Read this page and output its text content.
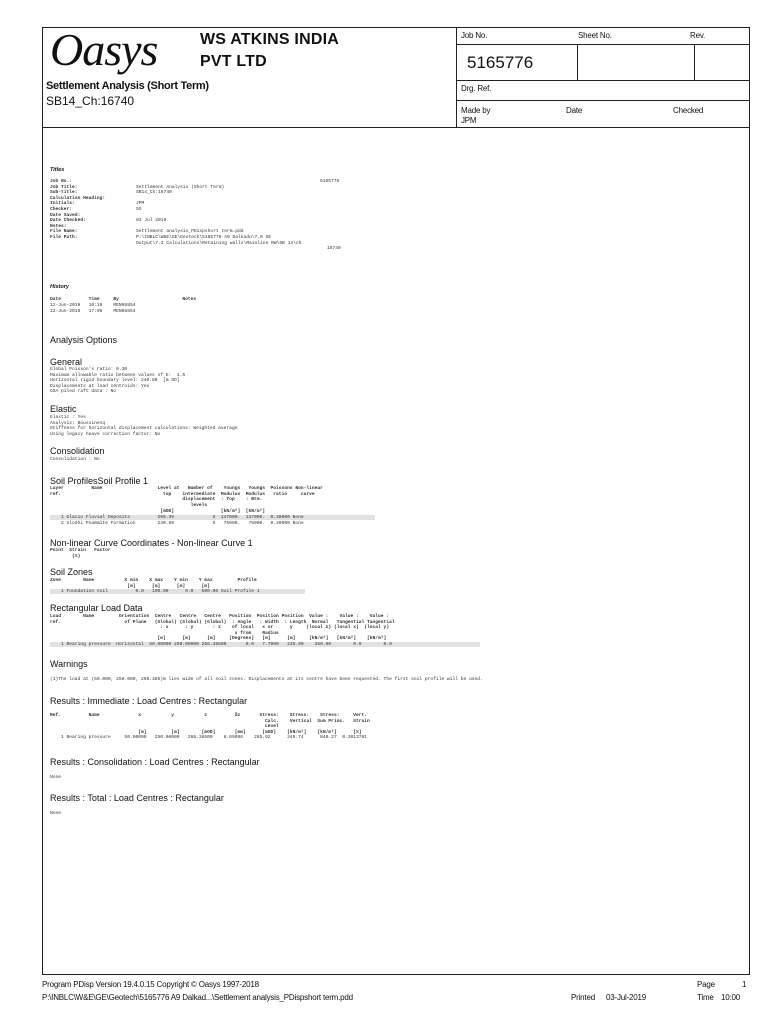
Oasys	WS ATKINS INDIA
PVT LTD
Settlement Analysis (Short Term)
SB14_Ch:16740
Job No.	Sheet No.	Rev.
5165776
Drg. Ref.
Made by
JPM
Date	Checked
Titles
Job No.:	5165776
Job Title:	Settlement Analysis (Short Term)
Sub-title:	SB14_Ch:16740
Calculation Heading:
Initials:	JPM
Checker:	SS
Date Saved:
Date Checked:	03 Jul 2019
Notes:
File Name:	Settlement analysis_PDispshort term.pdd
File Path:	P:\INBLC\W&E\GE\Geotech\5165776 A9 Dalkadu\7.0 GE
Output\7.3 Calculations\Retaining walls\Mainline RW\SB 14\ch
16740
History
Date          Time     By                       Notes
12-Jun-2019   10:10    MEN08854
12-Jun-2019   17:06    MEN08854
Analysis Options
General
Global Poisson's ratio: 0.30
Maximum allowable ratio between values of E:  1.5
Horizontal rigid boundary level: 240.80  [m OD]
Displacements at load centroids: Yes
GSA piled raft data : No
Elastic
Elastic : Yes
Analysis: Boussinesq
Stiffness for horizontal displacement calculations: Weighted average
Using legacy heave correction factor: No
Consolidation
Consolidation : No
Soil ProfilesSoil Profile 1
Layer          Name                    Level at   Number of    Youngs   Youngs  Poissons Non-linear
ref.                                     top    intermediate  Modulus  Modulus   ratio     curve
displacement  : Top    : Btm.
levels
[mOD]                 [kN/m²]  [kN/m²]
1 Glacio Fluvial Deposits          266.39              5  147000.  147000.  0.30000 None
2 Slodhi Psammite Formation        240.80              5   75000.   75000.  0.30000 None
Non-linear Curve Coordinates - Non-linear Curve 1
Point  Strain   Factor
(%)
Soil Zones
Zone        Name           X min    X max    Y min    Y max         Profile
[m]      [m]      [m]      [m]
1 Foundation soil          0.0   100.00      0.0   500.00 Soil Profile 1
Rectangular Load Data
Load        Name         Orientation  Centre   Centre   Centre   Position  Position Position  Value :    Value :    Value :
ref.                       of Plane   (Global) (Global) (Global)  : Angle   : Width  : Length  Normal   Tangential Tangential
: x      : y       : z    of local   x or      y     (local z) (local x)  (local y)
x from    Radius
[m]      [m]      [m]     [Degrees]   [m]      [m]     [kN/m²]   [kN/m²]    [kN/m²]
1 Bearing pressure  Horizontal  50.00000 250.00000 266.38500       0.0   7.7000   235.00    350.00        0.0        0.0
Warnings
(1)The load at (50.000, 250.000, 266.385)m lies wide of all soil zones. Displacements at its centre have been requested. The first soil profile will be used.
Results : Immediate : Load Centres : Rectangular
Ref.          Name              x           y           z          δz       Stress:    Stress:    Stress:     Vert.
Calc.    Vertical  Sum Princ.   Strain
Level
[m]         [m]        [mOD]       [mm]      [mOD]    [kN/m²]    [kN/m²]      [%]
1 Bearing pressure     50.00000   250.00000   266.38500    8.69096    265.92      349.74      840.27  0.3013781
Results : Consolidation : Load Centres : Rectangular
None
Results : Total : Load Centres : Rectangular
None
Program PDisp Version 19.4.0.15 Copyright © Oasys 1997-2018
P:\INBLC\W&E\GE\Geotech\5165776 A9 Dalkad...\Settlement analysis_PDispshort term.pdd	Printed 03-Jul-2019
Page	1
Time 10:00
